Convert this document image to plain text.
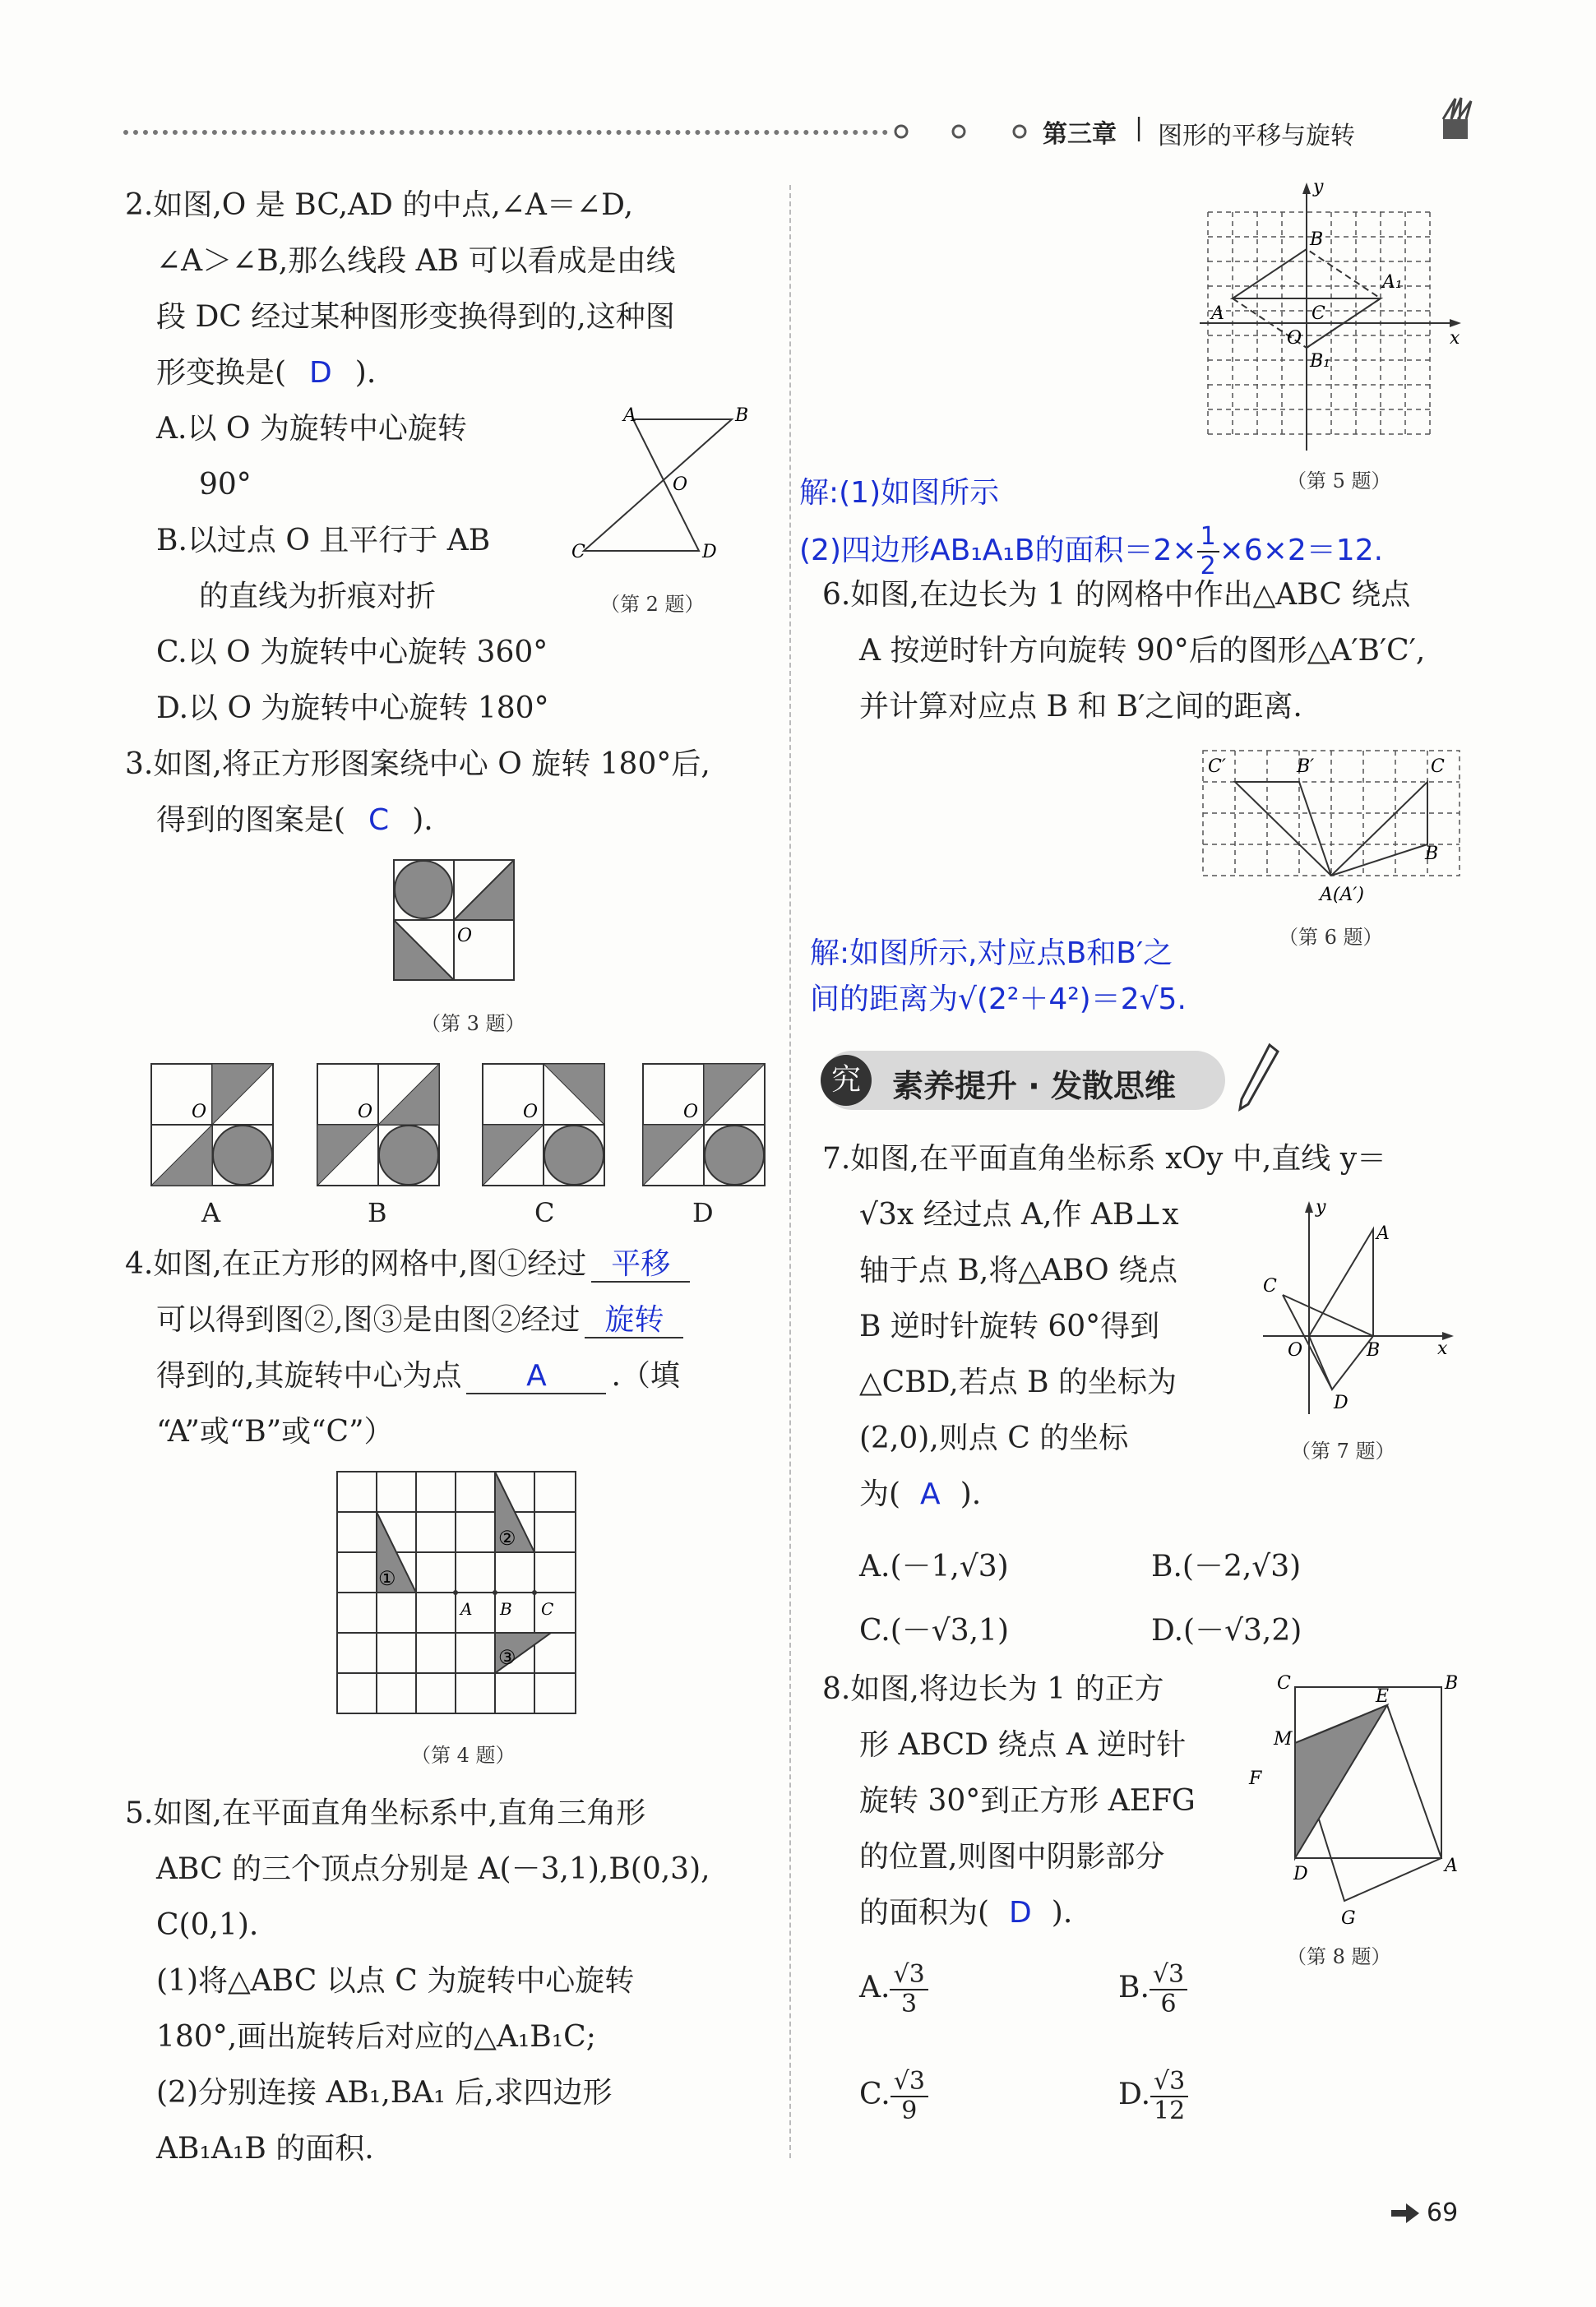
第三章 | 图形的平移与旋转
2.如图,O 是 BC,AD 的中点,∠A＝∠D,
∠A＞∠B,那么线段 AB 可以看成是由线
段 DC 经过某种图形变换得到的,这种图
形变换是( D ).
A.以 O 为旋转中心旋转
90°
B.以过点 O 且平行于 AB
的直线为折痕对折
C.以 O 为旋转中心旋转 360°
D.以 O 为旋转中心旋转 180°
A	B
O
C	D
（第 2 题）
3.如图,将正方形图案绕中心 O 旋转 180°后,
得到的图案是( C ).
O
（第 3 题）
O	O	O	O
A	B	C	D
4.如图,在正方形的网格中,图①经过 平移
可以得到图②,图③是由图②经过 旋转
得到的,其旋转中心为点 A .（填
“A”或“B”或“C”）
①
②
③
A B C
（第 4 题）
5.如图,在平面直角坐标系中,直角三角形
ABC 的三个顶点分别是 A(－3,1),B(0,3),
C(0,1).
(1)将△ABC 以点 C 为旋转中心旋转
180°,画出旋转后对应的△A₁B₁C;
(2)分别连接 AB₁,BA₁ 后,求四边形
AB₁A₁B 的面积.
y
x
B
A₁
A	C
O
B₁
（第 5 题）
解:(1)如图所示
(2)四边形AB₁A₁B的面积$=2\times \frac{1}{2} \times 6\times 2=12$.
6.如图,在边长为 1 的网格中作出△ABC 绕点
A 按逆时针方向旋转 90°后的图形△A′B′C′,
并计算对应点 B 和 B′之间的距离.
C′	B′	C
B
A(A′)
（第 6 题）
解:如图所示,对应点B和B′之
间的距离为√(2²＋4²)＝2√5.
究	素养提升 · 发散思维
7.如图,在平面直角坐标系 xOy 中,直线 y＝
√3x 经过点 A,作 AB⊥x
轴于点 B,将△ABO 绕点
B 逆时针旋转 60°得到
△CBD,若点 B 的坐标为
(2,0),则点 C 的坐标
为( A ).
y
A
C
O	B	x
D
（第 7 题）
A.(－1,√3)	B.(－2,√3)
C.(－√3,1)	D.(－√3,2)
8.如图,将边长为 1 的正方
形 ABCD 绕点 A 逆时针
旋转 30°到正方形 AEFG
的位置,则图中阴影部分
的面积为( D ).
C	B
E
M
F
D	A
G
（第 8 题）
A. $\frac{√3}{3}$	B. $\frac{√3}{6}$
C. $\frac{√3}{9}$	D. $\frac{√3}{12}$
69
